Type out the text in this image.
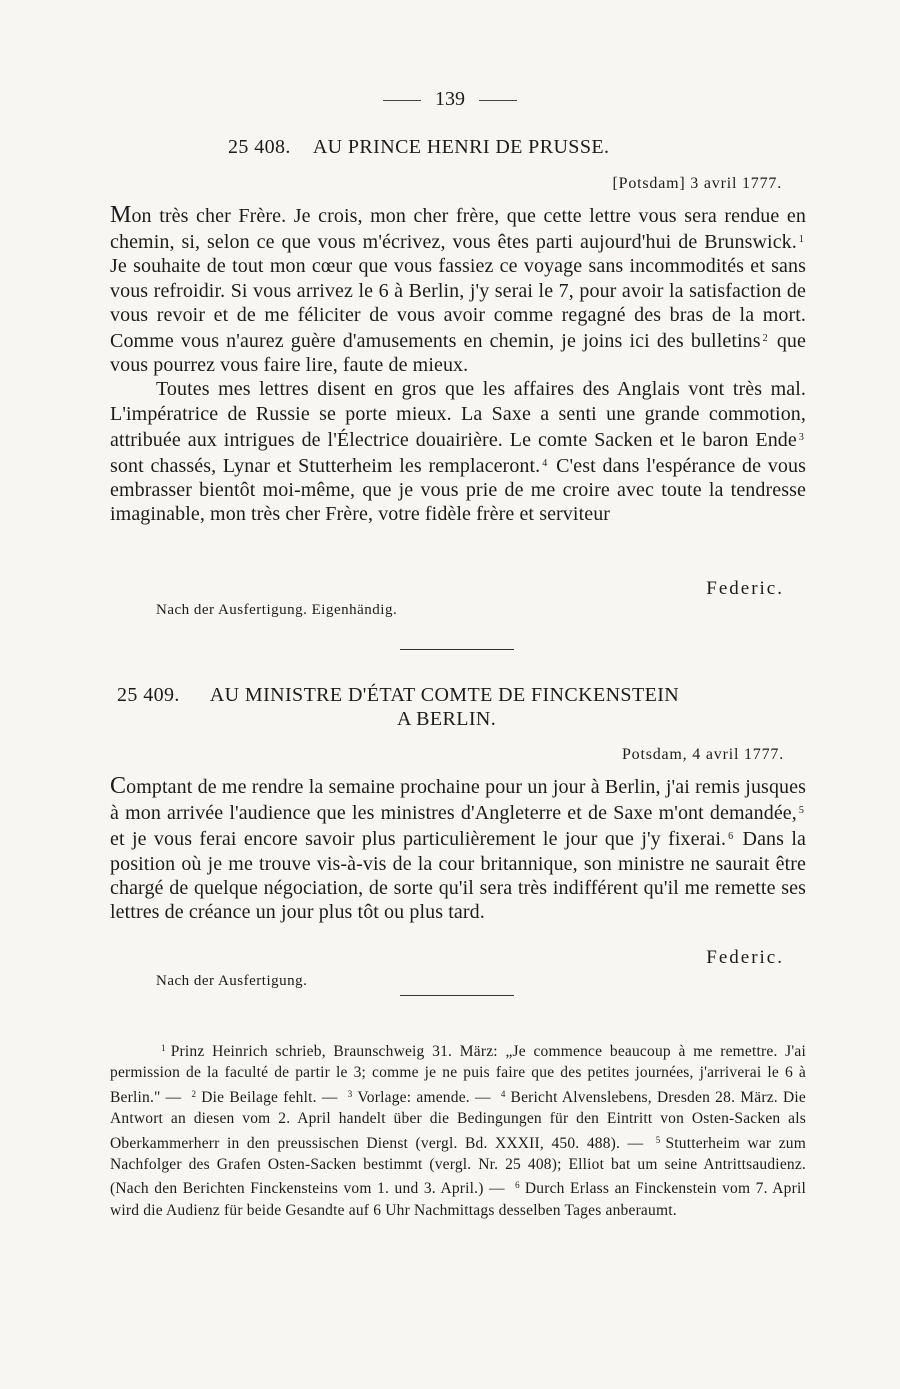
139
25 408. AU PRINCE HENRI DE PRUSSE.
[Potsdam] 3 avril 1777.

Mon très cher Frère. Je crois, mon cher frère, que cette lettre vous sera rendue en chemin, si, selon ce que vous m'écrivez, vous êtes parti aujourd'hui de Brunswick. $^1$ Je souhaite de tout mon cœur que vous fassiez ce voyage sans incommodités et sans vous refroidir. Si vous arrivez le 6 à Berlin, j'y serai le 7, pour avoir la satisfaction de vous revoir et de me féliciter de vous avoir comme regagné des bras de la mort. Comme vous n'aurez guère d'amusements en chemin, je joins ici des bulletins $^2$ que vous pourrez vous faire lire, faute de mieux.

Toutes mes lettres disent en gros que les affaires des Anglais vont très mal. L'impératrice de Russie se porte mieux. La Saxe a senti une grande commotion, attribuée aux intrigues de l'Électrice douairière. Le comte Sacken et le baron Ende $^3$ sont chassés, Lynar et Stutterheim les remplaceront. $^4$ C'est dans l'espérance de vous embrasser bientôt moi-même, que je vous prie de me croire avec toute la tendresse imaginable, mon très cher Frère, votre fidèle frère et serviteur

Federic.
Nach der Ausfertigung. Eigenhändig.
25 409. AU MINISTRE D'ÉTAT COMTE DE FINCKENSTEIN
A BERLIN.
Potsdam, 4 avril 1777.

Comptant de me rendre la semaine prochaine pour un jour à Berlin, j'ai remis jusques à mon arrivée l'audience que les ministres d'Angleterre et de Saxe m'ont demandée, $^5$ et je vous ferai encore savoir plus particulièrement le jour que j'y fixerai. $^6$ Dans la position où je me trouve vis-à-vis de la cour britannique, son ministre ne saurait être chargé de quelque négociation, de sorte qu'il sera très indifférent qu'il me remette ses lettres de créance un jour plus tôt ou plus tard.

Federic.
Nach der Ausfertigung.

$^1$ Prinz Heinrich schrieb, Braunschweig 31. März: „Je commence beaucoup à me remettre. J'ai permission de la faculté de partir le 3; comme je ne puis faire que des petites journées, j'arriverai le 6 à Berlin." — $^2$ Die Beilage fehlt. — $^3$ Vorlage: amende. — $^4$ Bericht Alvenslebens, Dresden 28. März. Die Antwort an diesen vom 2. April handelt über die Bedingungen für den Eintritt von Osten-Sacken als Oberkammerherr in den preussischen Dienst (vergl. Bd. XXXII, 450. 488). — $^5$ Stutterheim war zum Nachfolger des Grafen Osten-Sacken bestimmt (vergl. Nr. 25 408); Elliot bat um seine Antrittsaudienz. (Nach den Berichten Finckensteins vom 1. und 3. April.) — $^6$ Durch Erlass an Finckenstein vom 7. April wird die Audienz für beide Gesandte auf 6 Uhr Nachmittags desselben Tages anberaumt.
